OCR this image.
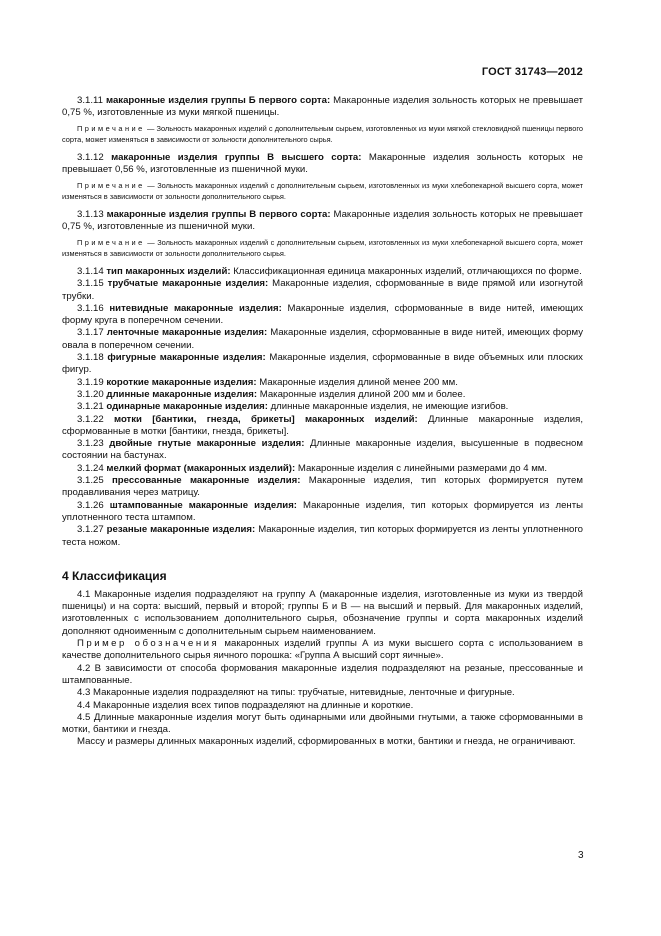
ГОСТ 31743—2012

3.1.11 макаронные изделия группы Б первого сорта: Макаронные изделия зольность которых не превышает 0,75 %, изготовленные из муки мягкой пшеницы.

Примечание — Зольность макаронных изделий с дополнительным сырьем, изготовленных из муки мягкой стекловидной пшеницы первого сорта, может изменяться в зависимости от зольности дополнительного сырья.

3.1.12 макаронные изделия группы В высшего сорта: Макаронные изделия зольность которых не превышает 0,56 %, изготовленные из пшеничной муки.

Примечание — Зольность макаронных изделий с дополнительным сырьем, изготовленных из муки хлебопекарной высшего сорта, может изменяться в зависимости от зольности дополнительного сырья.

3.1.13 макаронные изделия группы В первого сорта: Макаронные изделия зольность которых не превышает 0,75 %, изготовленные из пшеничной муки.

Примечание — Зольность макаронных изделий с дополнительным сырьем, изготовленных из муки хлебопекарной высшего сорта, может изменяться в зависимости от зольности дополнительного сырья.

3.1.14 тип макаронных изделий: Классификационная единица макаронных изделий, отличающихся по форме.

3.1.15 трубчатые макаронные изделия: Макаронные изделия, сформованные в виде прямой или изогнутой трубки.

3.1.16 нитевидные макаронные изделия: Макаронные изделия, сформованные в виде нитей, имеющих форму круга в поперечном сечении.

3.1.17 ленточные макаронные изделия: Макаронные изделия, сформованные в виде нитей, имеющих форму овала в поперечном сечении.

3.1.18 фигурные макаронные изделия: Макаронные изделия, сформованные в виде объемных или плоских фигур.

3.1.19 короткие макаронные изделия: Макаронные изделия длиной менее 200 мм.

3.1.20 длинные макаронные изделия: Макаронные изделия длиной 200 мм и более.

3.1.21 одинарные макаронные изделия: длинные макаронные изделия, не имеющие изгибов.

3.1.22 мотки [бантики, гнезда, брикеты] макаронных изделий: Длинные макаронные изделия, сформованные в мотки [бантики, гнезда, брикеты].

3.1.23 двойные гнутые макаронные изделия: Длинные макаронные изделия, высушенные в подвесном состоянии на бастунах.

3.1.24 мелкий формат (макаронных изделий): Макаронные изделия с линейными размерами до 4 мм.

3.1.25 прессованные макаронные изделия: Макаронные изделия, тип которых формируется путем продавливания через матрицу.

3.1.26 штампованные макаронные изделия: Макаронные изделия, тип которых формируется из ленты уплотненного теста штампом.

3.1.27 резаные макаронные изделия: Макаронные изделия, тип которых формируется из ленты уплотненного теста ножом.

4 Классификация

4.1 Макаронные изделия подразделяют на группу А (макаронные изделия, изготовленные из муки из твердой пшеницы) и на сорта: высший, первый и второй; группы Б и В — на высший и первый. Для макаронных изделий, изготовленных с использованием дополнительного сырья, обозначение группы и сорта макаронных изделий дополняют одноименным с дополнительным сырьем наименованием.

Пример обозначения макаронных изделий группы А из муки высшего сорта с использованием в качестве дополнительного сырья яичного порошка: «Группа А высший сорт яичные».

4.2 В зависимости от способа формования макаронные изделия подразделяют на резаные, прессованные и штампованные.

4.3 Макаронные изделия подразделяют на типы: трубчатые, нитевидные, ленточные и фигурные.

4.4 Макаронные изделия всех типов подразделяют на длинные и короткие.

4.5 Длинные макаронные изделия могут быть одинарными или двойными гнутыми, а также сформованными в мотки, бантики и гнезда.

Массу и размеры длинных макаронных изделий, сформированных в мотки, бантики и гнезда, не ограничивают.

3
